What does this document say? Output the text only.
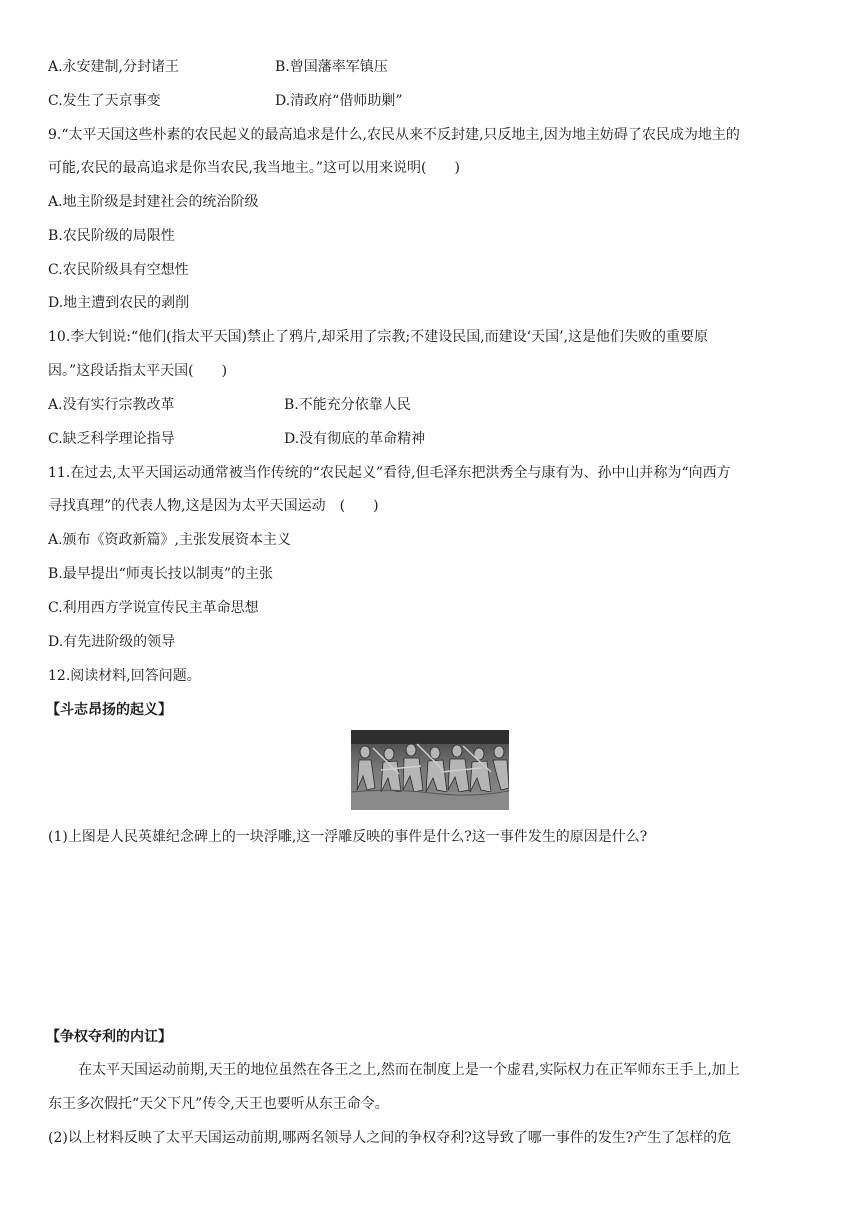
A.永安建制,分封诸王	B.曾国藩率军镇压
C.发生了天京事变	D.清政府“借师助剿”
9.“太平天国这些朴素的农民起义的最高追求是什么,农民从来不反封建,只反地主,因为地主妨碍了农民成为地主的
可能,农民的最高追求是你当农民,我当地主。”这可以用来说明(　　)
A.地主阶级是封建社会的统治阶级
B.农民阶级的局限性
C.农民阶级具有空想性
D.地主遭到农民的剥削
10.李大钊说:“他们(指太平天国)禁止了鸦片,却采用了宗教;不建设民国,而建设‘天国’,这是他们失败的重要原
因。”这段话指太平天国(　　)
A.没有实行宗教改革	B.不能充分依靠人民
C.缺乏科学理论指导	D.没有彻底的革命精神
11.在过去,太平天国运动通常被当作传统的“农民起义”看待,但毛泽东把洪秀全与康有为、孙中山并称为“向西方
寻找真理”的代表人物,这是因为太平天国运动　(　　)
A.颁布《资政新篇》,主张发展资本主义
B.最早提出“师夷长技以制夷”的主张
C.利用西方学说宣传民主革命思想
D.有先进阶级的领导
12.阅读材料,回答问题。
【斗志昂扬的起义】
(1)上图是人民英雄纪念碑上的一块浮雕,这一浮雕反映的事件是什么?这一事件发生的原因是什么?
【争权夺利的内讧】
在太平天国运动前期,天王的地位虽然在各王之上,然而在制度上是一个虚君,实际权力在正军师东王手上,加上
东王多次假托“天父下凡”传令,天王也要听从东王命令。
(2)以上材料反映了太平天国运动前期,哪两名领导人之间的争权夺利?这导致了哪一事件的发生?产生了怎样的危
